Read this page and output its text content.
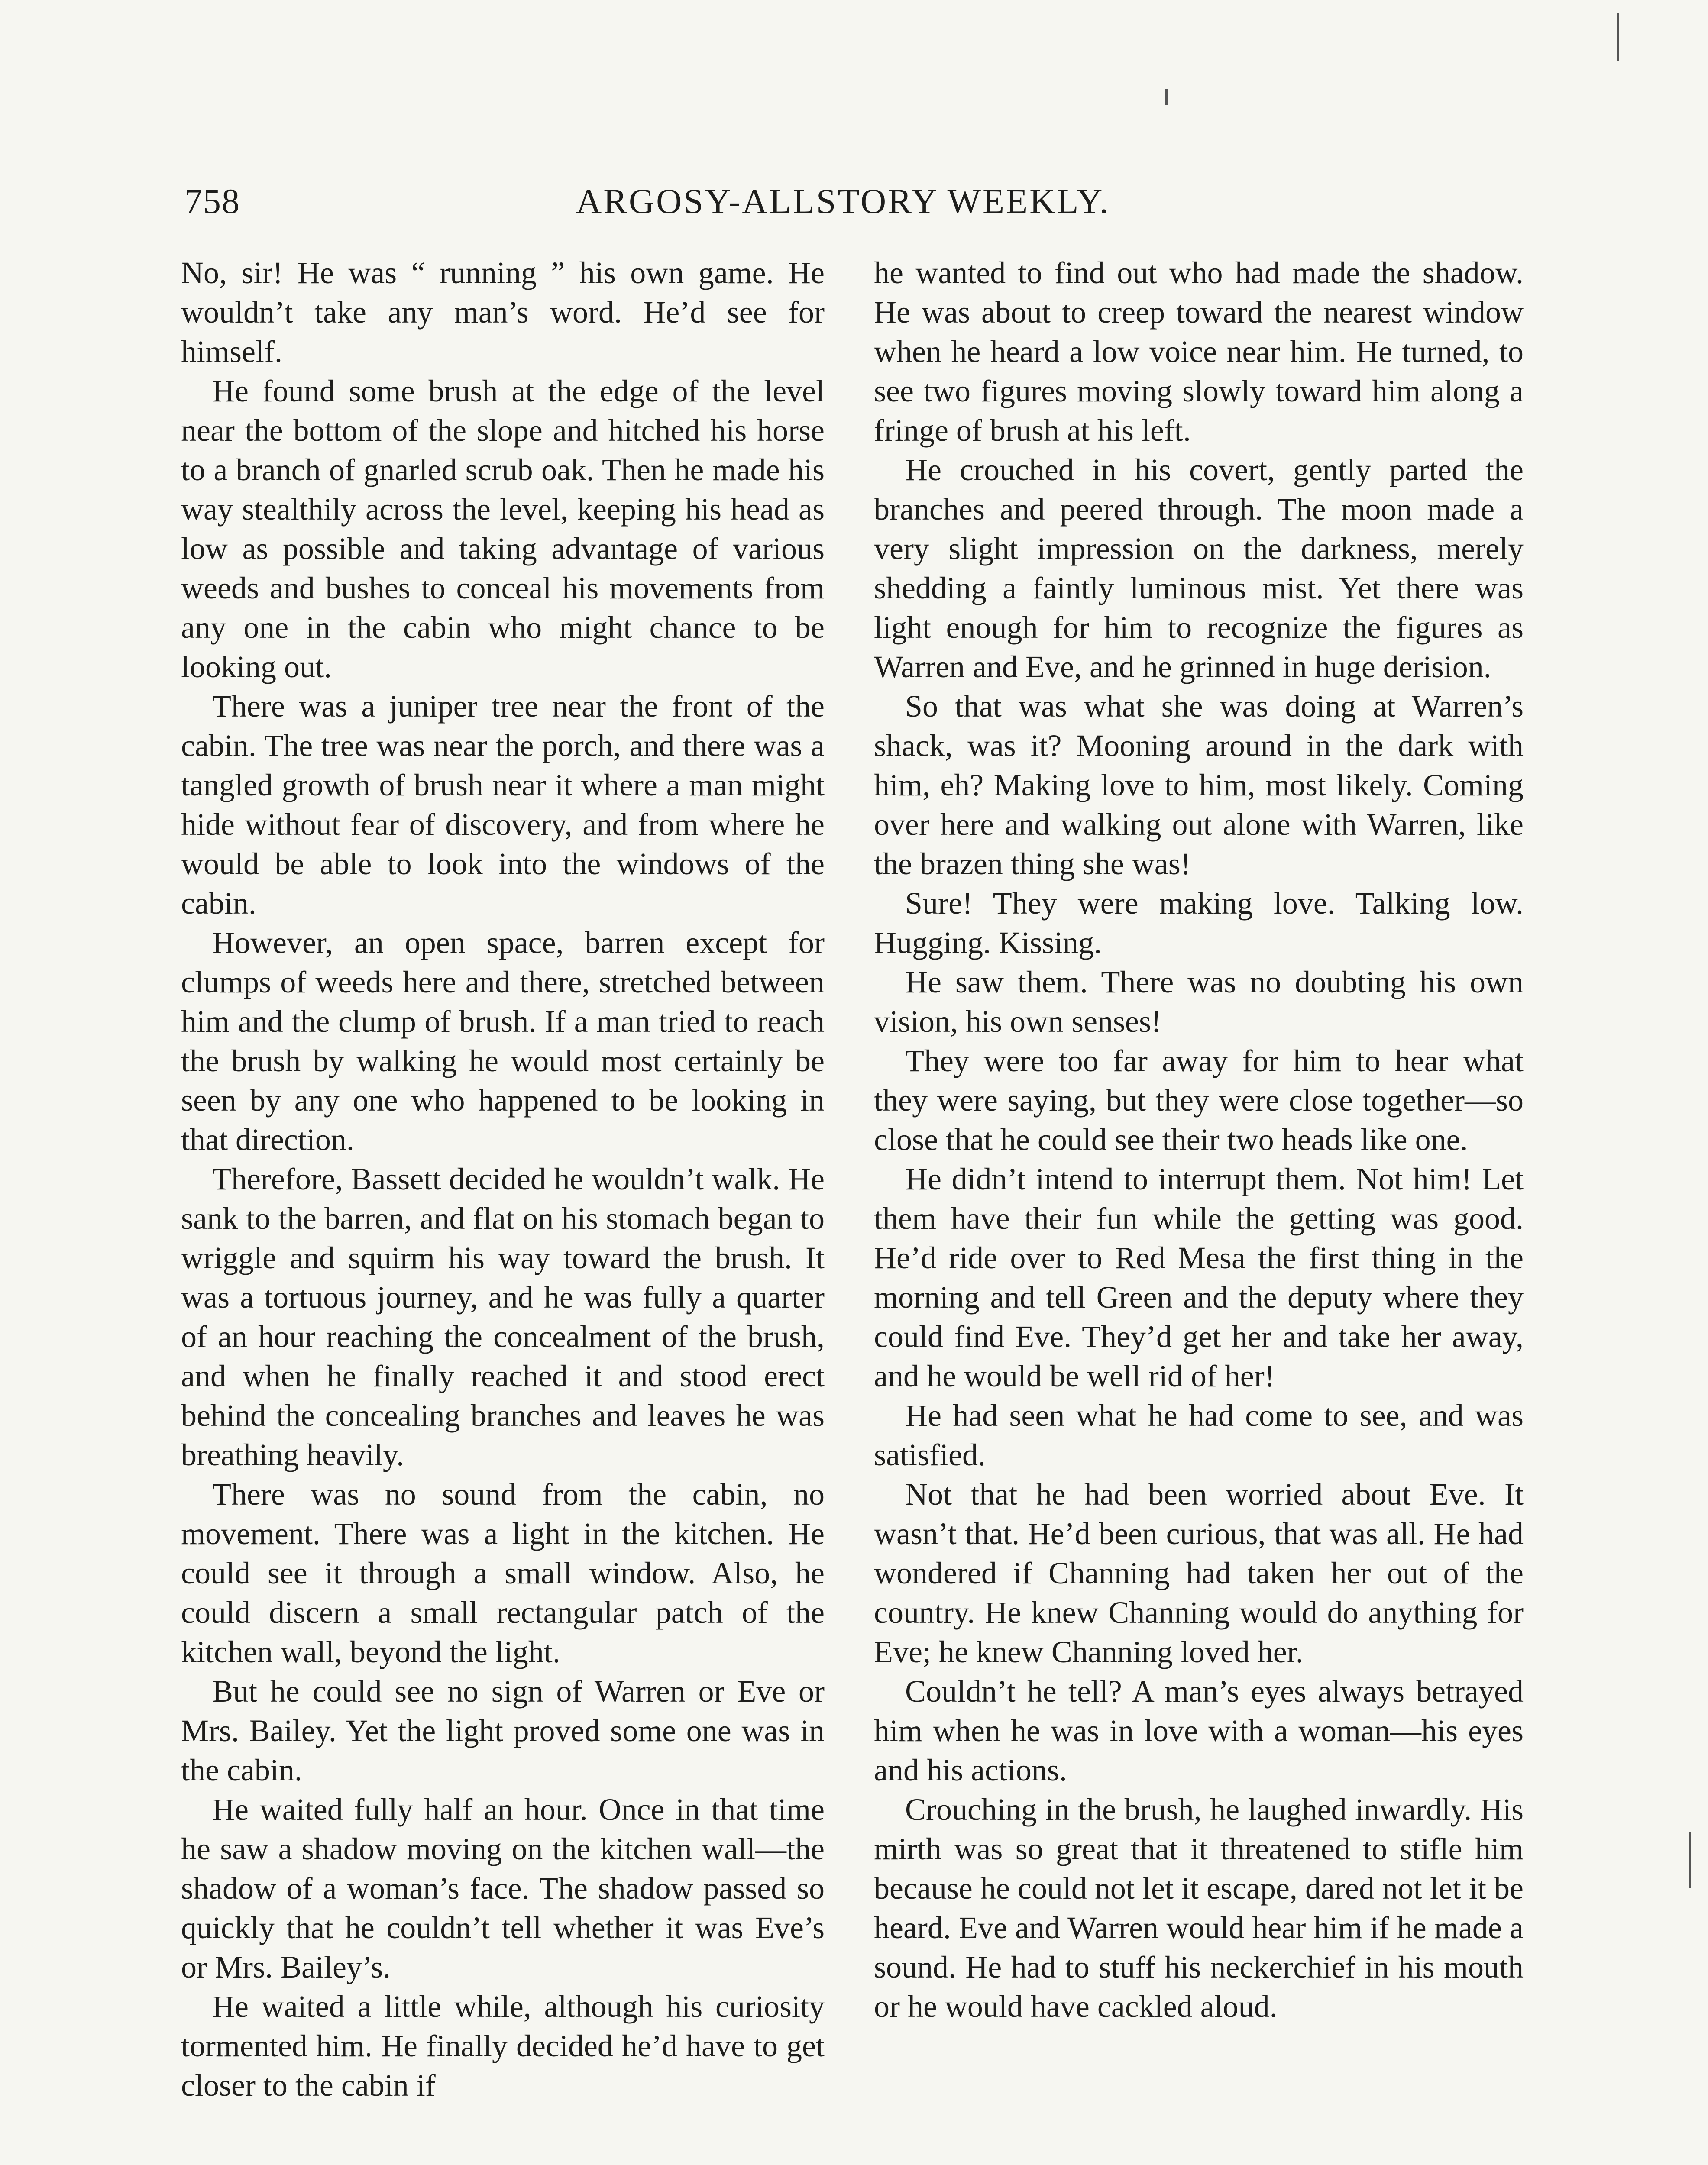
758	ARGOSY-ALLSTORY WEEKLY.

No, sir! He was “ running ” his own game. He wouldn’t take any man’s word. He’d see for himself.

He found some brush at the edge of the level near the bottom of the slope and hitched his horse to a branch of gnarled scrub oak. Then he made his way stealthily across the level, keeping his head as low as possible and taking advantage of various weeds and bushes to conceal his movements from any one in the cabin who might chance to be looking out.

There was a juniper tree near the front of the cabin. The tree was near the porch, and there was a tangled growth of brush near it where a man might hide without fear of discovery, and from where he would be able to look into the windows of the cabin.

However, an open space, barren except for clumps of weeds here and there, stretched between him and the clump of brush. If a man tried to reach the brush by walking he would most certainly be seen by any one who happened to be looking in that direction.

Therefore, Bassett decided he wouldn’t walk. He sank to the barren, and flat on his stomach began to wriggle and squirm his way toward the brush. It was a tortuous journey, and he was fully a quarter of an hour reaching the concealment of the brush, and when he finally reached it and stood erect behind the concealing branches and leaves he was breathing heavily.

There was no sound from the cabin, no movement. There was a light in the kitchen. He could see it through a small window. Also, he could discern a small rectangular patch of the kitchen wall, beyond the light.

But he could see no sign of Warren or Eve or Mrs. Bailey. Yet the light proved some one was in the cabin.

He waited fully half an hour. Once in that time he saw a shadow moving on the kitchen wall—the shadow of a woman’s face. The shadow passed so quickly that he couldn’t tell whether it was Eve’s or Mrs. Bailey’s.

He waited a little while, although his curiosity tormented him. He finally decided he’d have to get closer to the cabin if

he wanted to find out who had made the shadow. He was about to creep toward the nearest window when he heard a low voice near him. He turned, to see two figures moving slowly toward him along a fringe of brush at his left.

He crouched in his covert, gently parted the branches and peered through. The moon made a very slight impression on the darkness, merely shedding a faintly luminous mist. Yet there was light enough for him to recognize the figures as Warren and Eve, and he grinned in huge derision.

So that was what she was doing at Warren’s shack, was it? Mooning around in the dark with him, eh? Making love to him, most likely. Coming over here and walking out alone with Warren, like the brazen thing she was!

Sure! They were making love. Talking low. Hugging. Kissing.

He saw them. There was no doubting his own vision, his own senses!

They were too far away for him to hear what they were saying, but they were close together—so close that he could see their two heads like one.

He didn’t intend to interrupt them. Not him! Let them have their fun while the getting was good. He’d ride over to Red Mesa the first thing in the morning and tell Green and the deputy where they could find Eve. They’d get her and take her away, and he would be well rid of her!

He had seen what he had come to see, and was satisfied.

Not that he had been worried about Eve. It wasn’t that. He’d been curious, that was all. He had wondered if Channing had taken her out of the country. He knew Channing would do anything for Eve; he knew Channing loved her.

Couldn’t he tell? A man’s eyes always betrayed him when he was in love with a woman—his eyes and his actions.

Crouching in the brush, he laughed inwardly. His mirth was so great that it threatened to stifle him because he could not let it escape, dared not let it be heard. Eve and Warren would hear him if he made a sound. He had to stuff his neckerchief in his mouth or he would have cackled aloud.
